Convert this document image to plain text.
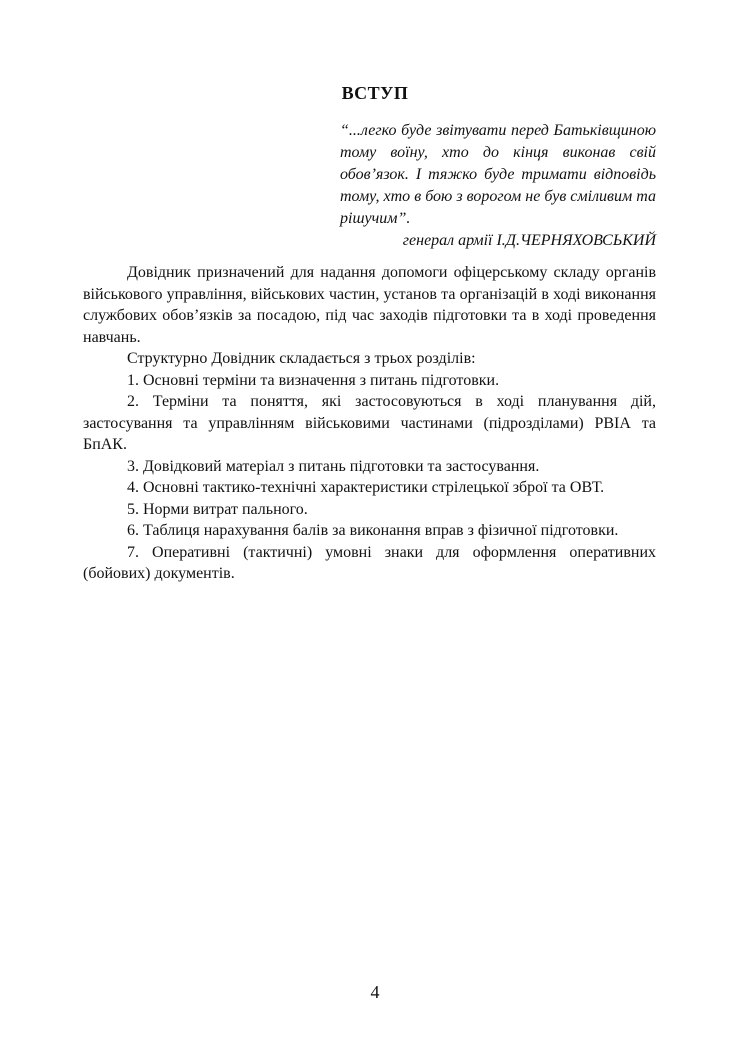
ВСТУП
“...легко буде звітувати перед Батьківщиною тому воїну, хто до кінця виконав свій обов’язок. І тяжко буде тримати відповідь тому, хто в бою з ворогом не був сміливим та рішучим”.
генерал армії І.Д.ЧЕРНЯХОВСЬКИЙ

Довідник призначений для надання допомоги офіцерському складу органів військового управління, військових частин, установ та організацій в ході виконання службових обов’язків за посадою, під час заходів підготовки та в ході проведення навчань.

Структурно Довідник складається з трьох розділів:

1. Основні терміни та визначення з питань підготовки.

2. Терміни та поняття, які застосовуються в ході планування дій, застосування та управлінням військовими частинами (підрозділами) РВІА та БпАК.

3. Довідковий матеріал з питань підготовки та застосування.

4. Основні тактико-технічні характеристики стрілецької зброї та ОВТ.

5. Норми витрат пального.

6. Таблиця нарахування балів за виконання вправ з фізичної підготовки.

7. Оперативні (тактичні) умовні знаки для оформлення оперативних (бойових) документів.

4
